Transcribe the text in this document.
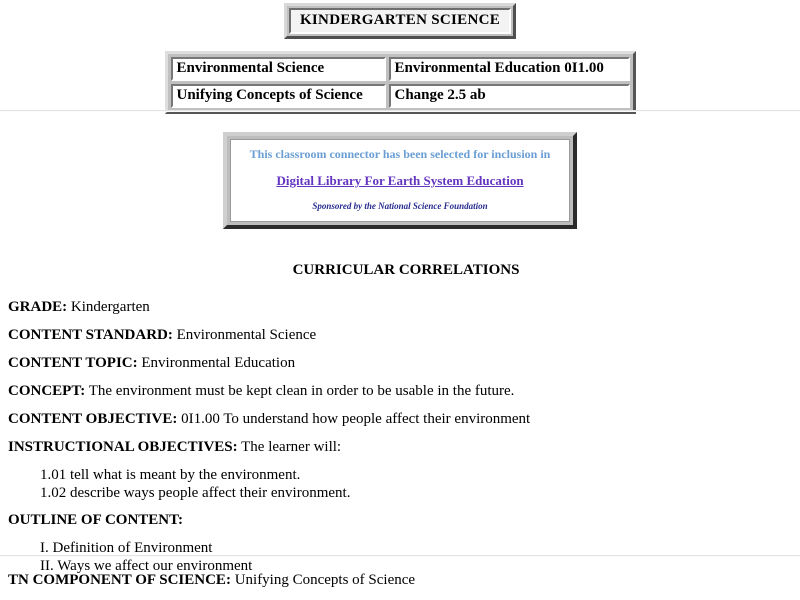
KINDERGARTEN SCIENCE
Environmental Science	Environmental Education 0I1.00
Unifying Concepts of Science	Change 2.5 ab
This classroom connector has been selected for inclusion in
Digital Library For Earth System Education
Sponsored by the National Science Foundation
CURRICULAR CORRELATIONS

GRADE: Kindergarten

CONTENT STANDARD: Environmental Science

CONTENT TOPIC: Environmental Education

CONCEPT: The environment must be kept clean in order to be usable in the future.

CONTENT OBJECTIVE: 0I1.00 To understand how people affect their environment

INSTRUCTIONAL OBJECTIVES: The learner will:

1.01 tell what is meant by the environment.
1.02 describe ways people affect their environment.

OUTLINE OF CONTENT:

I. Definition of Environment
II. Ways we affect our environment
TN COMPONENT OF SCIENCE: Unifying Concepts of Science
